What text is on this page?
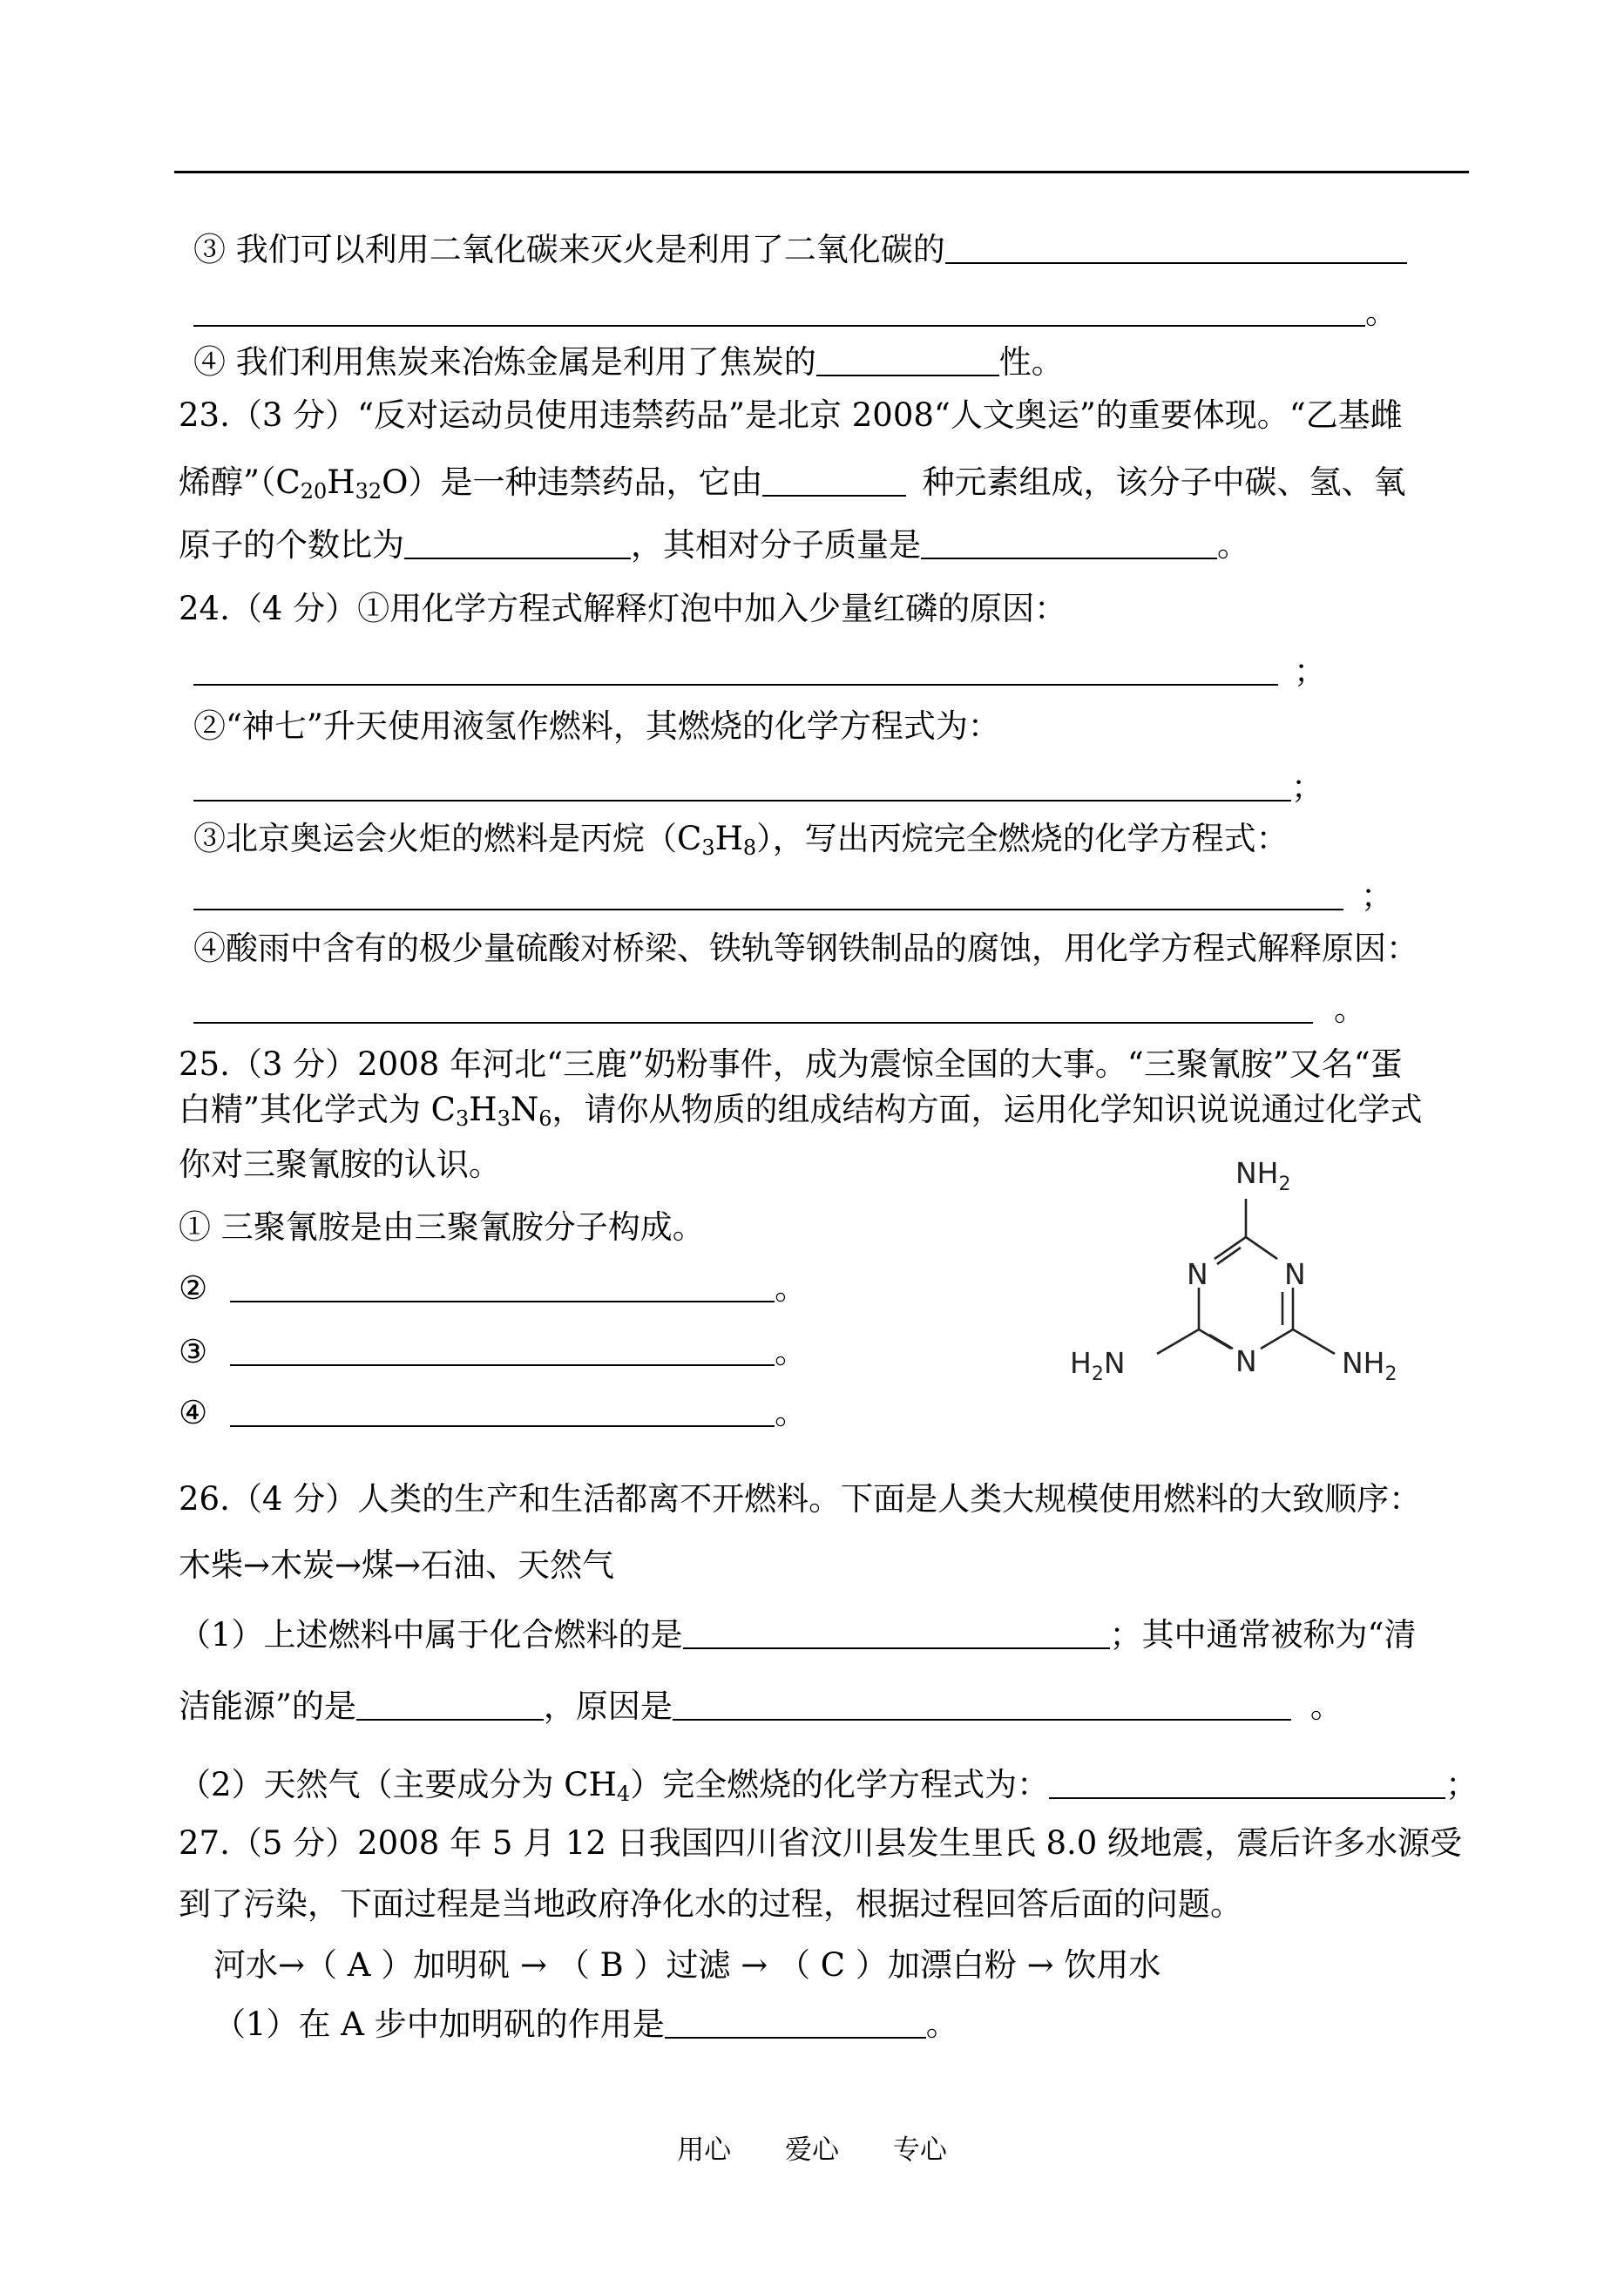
③ 我们可以利用二氧化碳来灭火是利用了二氧化碳的
。
④ 我们利用焦炭来冶炼金属是利用了焦炭的	性。
23.（3 分）“反对运动员使用违禁药品”是北京 2008“人文奥运”的重要体现。“乙基雌
烯醇$”(C_{20}H_{32}O)$是一种违禁药品，它由	种元素组成，该分子中碳、氢、氧
原子的个数比为	，其相对分子质量是	。
24.（4 分）①用化学方程式解释灯泡中加入少量红磷的原因：
；
②“神七”升天使用液氢作燃料，其燃烧的化学方程式为：
；
③北京奥运会火炬的燃料是丙烷$(C_3H_8)$，写出丙烷完全燃烧的化学方程式：
；
④酸雨中含有的极少量硫酸对桥梁、铁轨等钢铁制品的腐蚀，用化学方程式解释原因：
。
25.（3 分）2008 年河北“三鹿”奶粉事件，成为震惊全国的大事。“三聚氰胺”又名“蛋
白精”其化学式为 $C_3H_3N_6$，请你从物质的组成结构方面，运用化学知识说说通过化学式
你对三聚氰胺的认识。
① 三聚氰胺是由三聚氰胺分子构成。
②	。
③	。
④	。
$NH_2$
N	N
N
$H_2N$	$NH_2$
26.（4 分）人类的生产和生活都离不开燃料。下面是人类大规模使用燃料的大致顺序：
木柴→木炭→煤→石油、天然气
（1）上述燃料中属于化合燃料的是	；其中通常被称为“清
洁能源”的是	，原因是	。
（2）天然气（主要成分为 $CH_4$）完全燃烧的化学方程式为：	；
27.（5 分）2008 年 5 月 12 日我国四川省汶川县发生里氏 8.0 级地震，震后许多水源受
到了污染，下面过程是当地政府净化水的过程，根据过程回答后面的问题。
河水→（ A ）加明矾 → （ B ）过滤 → （ C ）加漂白粉 → 饮用水
（1）在 A 步中加明矾的作用是	。
用心 爱心 专心
